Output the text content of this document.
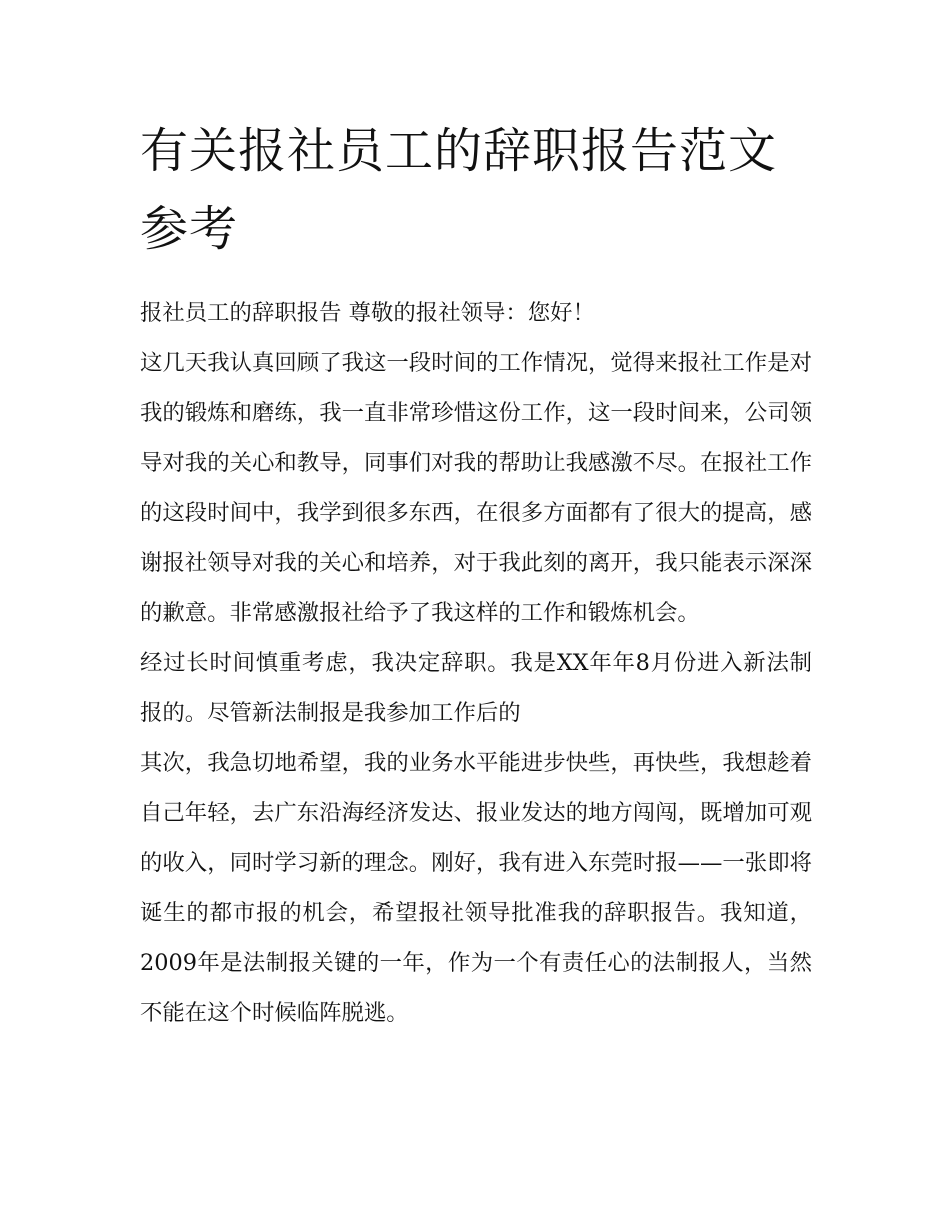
有关报社员工的辞职报告范文参考

报社员工的辞职报告 尊敬的报社领导：您好！

这几天我认真回顾了我这一段时间的工作情况，觉得来报社工作是对我的锻炼和磨练，我一直非常珍惜这份工作，这一段时间来，公司领导对我的关心和教导，同事们对我的帮助让我感激不尽。在报社工作的这段时间中，我学到很多东西，在很多方面都有了很大的提高，感谢报社领导对我的关心和培养，对于我此刻的离开，我只能表示深深的歉意。非常感激报社给予了我这样的工作和锻炼机会。

经过长时间慎重考虑，我决定辞职。我是XX年年8月份进入新法制报的。尽管新法制报是我参加工作后的

其次，我急切地希望，我的业务水平能进步快些，再快些，我想趁着自己年轻，去广东沿海经济发达、报业发达的地方闯闯，既增加可观的收入，同时学习新的理念。刚好，我有进入东莞时报——一张即将诞生的都市报的机会，希望报社领导批准我的辞职报告。我知道，2009年是法制报关键的一年，作为一个有责任心的法制报人，当然不能在这个时候临阵脱逃。
